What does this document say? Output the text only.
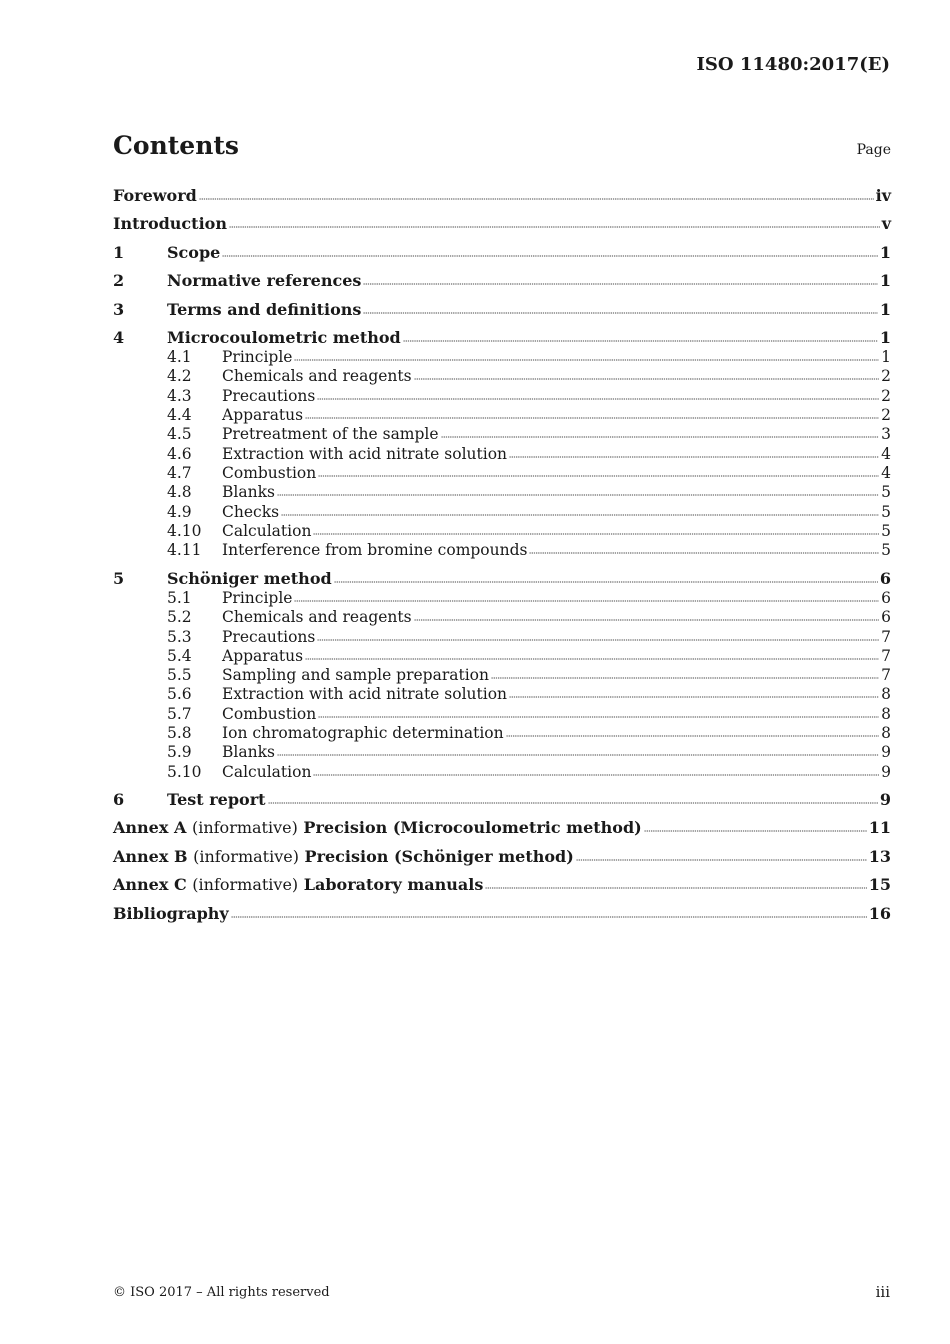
ISO 11480:2017(E)
Contents	Page
Foreword	iv
Introduction	v
1	Scope	1
2	Normative references	1
3	Terms and definitions	1
4	Microcoulometric method	1
4.1	Principle	1
4.2	Chemicals and reagents	2
4.3	Precautions	2
4.4	Apparatus	2
4.5	Pretreatment of the sample	3
4.6	Extraction with acid nitrate solution	4
4.7	Combustion	4
4.8	Blanks	5
4.9	Checks	5
4.10	Calculation	5
4.11	Interference from bromine compounds	5
5	Schöniger method	6
5.1	Principle	6
5.2	Chemicals and reagents	6
5.3	Precautions	7
5.4	Apparatus	7
5.5	Sampling and sample preparation	7
5.6	Extraction with acid nitrate solution	8
5.7	Combustion	8
5.8	Ion chromatographic determination	8
5.9	Blanks	9
5.10	Calculation	9
6	Test report	9
Annex A (informative) Precision (Microcoulometric method)	11
Annex B (informative) Precision (Schöniger method)	13
Annex C (informative) Laboratory manuals	15
Bibliography	16
© ISO 2017 – All rights reserved	iii
